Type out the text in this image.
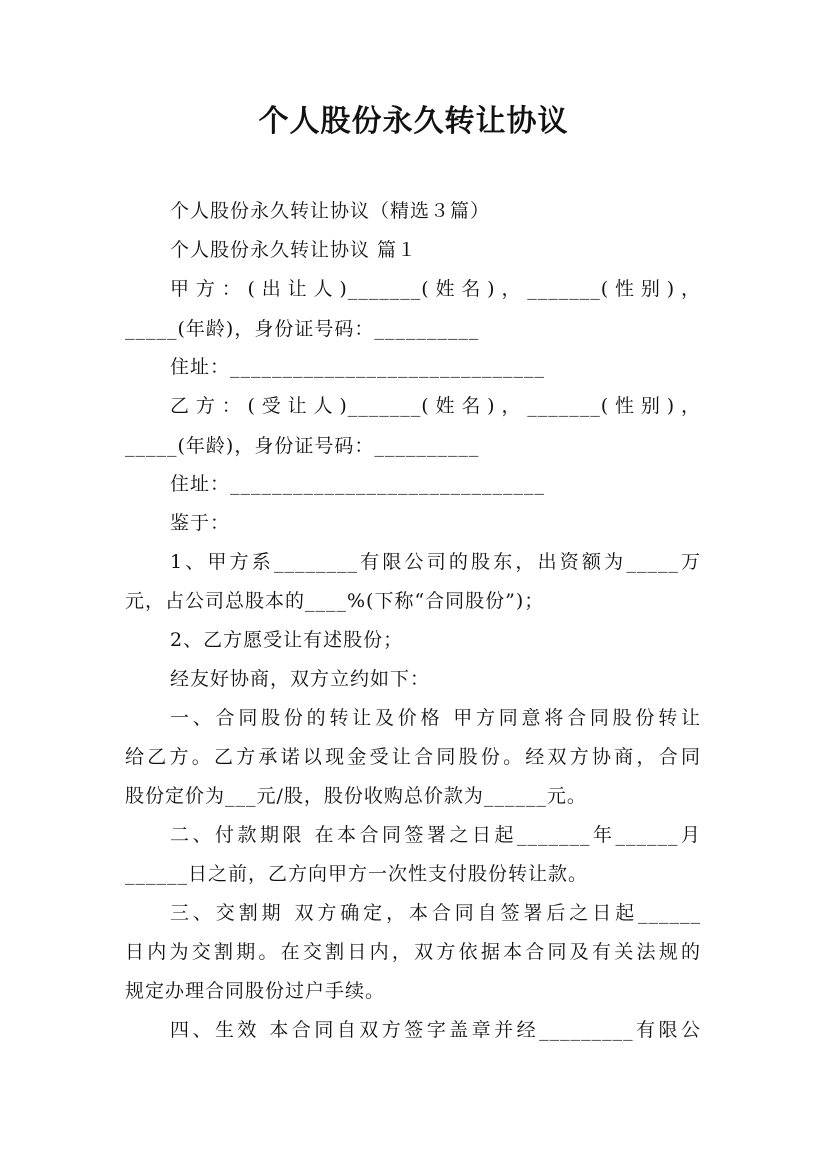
个人股份永久转让协议
个人股份永久转让协议（精选３篇）
个人股份永久转让协议 篇１
甲方：(出让人)_______(姓名)，_______(性别)，
_____(年龄)，身份证号码：__________
住址：______________________________
乙方：(受让人)_______(姓名)，_______(性别)，
_____(年龄)，身份证号码：__________
住址：______________________________
鉴于：
1、甲方系________有限公司的股东，出资额为_____万
元，占公司总股本的____%(下称“合同股份”)；
2、乙方愿受让有述股份；
经友好协商，双方立约如下：
一、合同股份的转让及价格 甲方同意将合同股份转让
给乙方。乙方承诺以现金受让合同股份。经双方协商，合同
股份定价为___元/股，股份收购总价款为______元。
二、付款期限 在本合同签署之日起_______年______月
______日之前，乙方向甲方一次性支付股份转让款。
三、交割期 双方确定，本合同自签署后之日起______
日内为交割期。在交割日内，双方依据本合同及有关法规的
规定办理合同股份过户手续。
四、生效 本合同自双方签字盖章并经_________有限公
